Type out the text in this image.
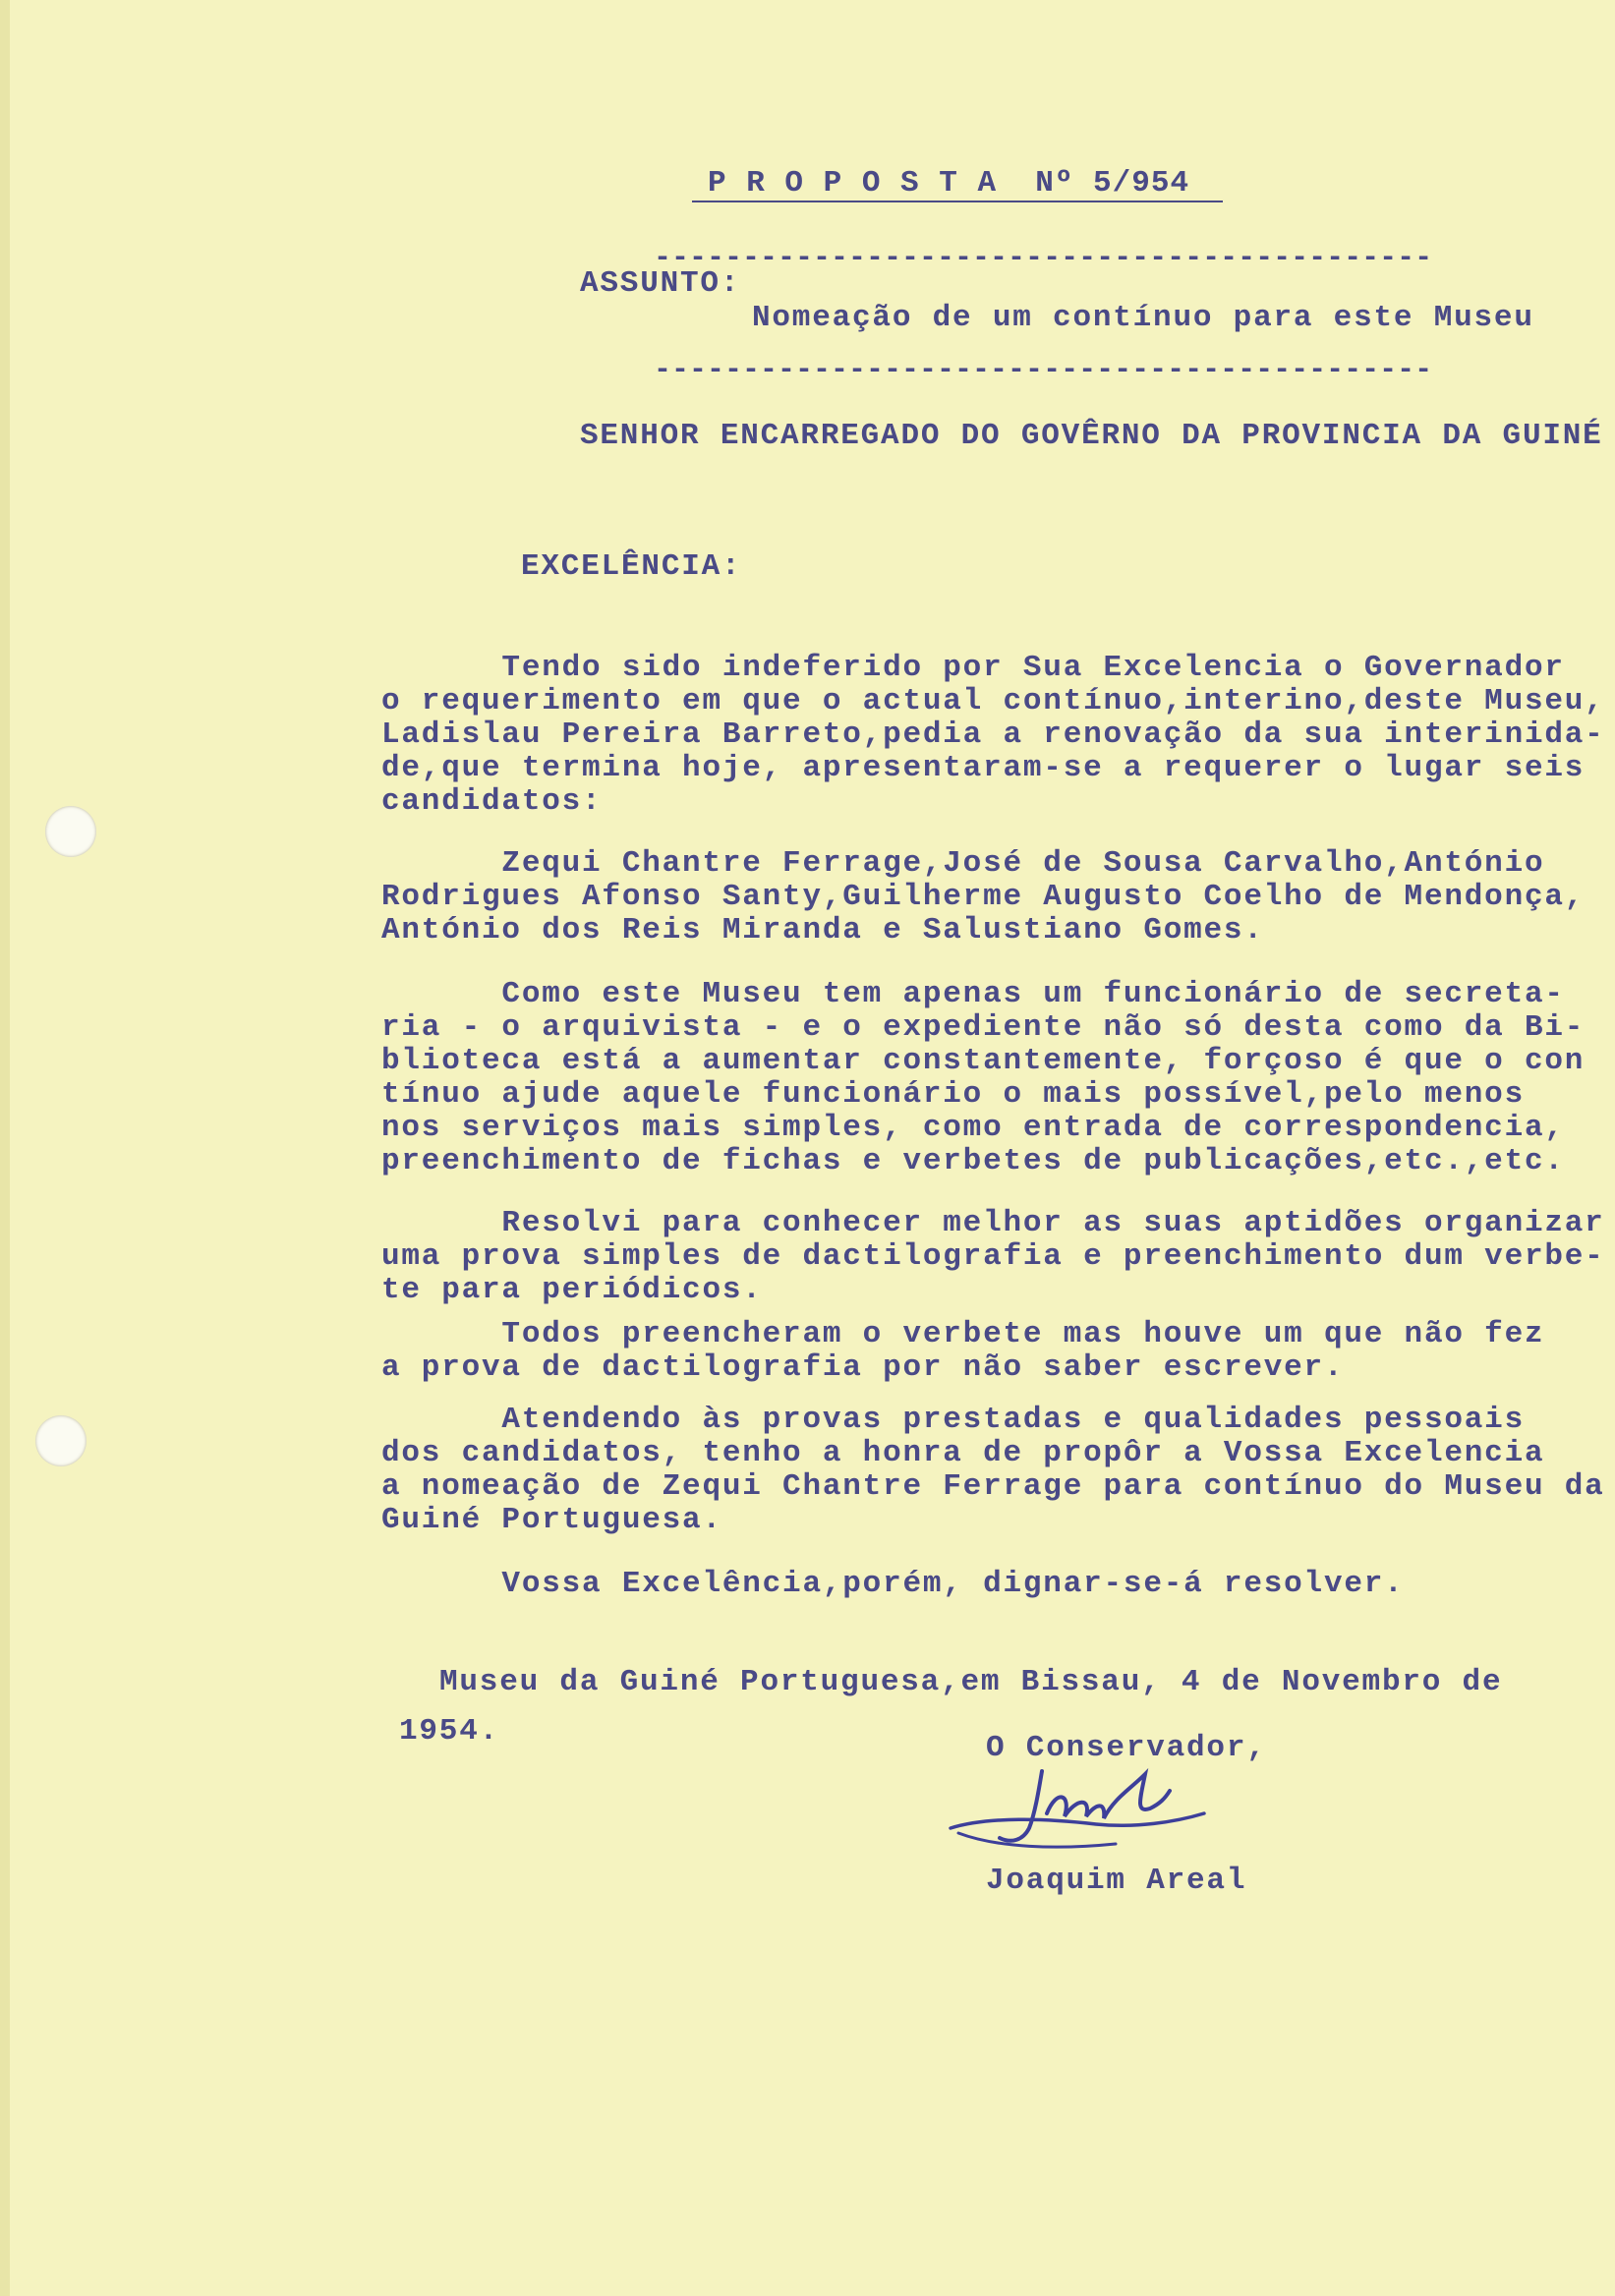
P R O P O S T A  Nº 5/954
--------------------------------------------
ASSUNTO:
Nomeação de um contínuo para este Museu
--------------------------------------------
SENHOR ENCARREGADO DO GOVÊRNO DA PROVINCIA DA GUINÉ
EXCELÊNCIA:
Tendo sido indeferido por Sua Excelencia o Governador
o requerimento em que o actual contínuo,interino,deste Museu,
Ladislau Pereira Barreto,pedia a renovação da sua interinida-
de,que termina hoje, apresentaram-se a requerer o lugar seis
candidatos:
Zequi Chantre Ferrage,José de Sousa Carvalho,António
Rodrigues Afonso Santy,Guilherme Augusto Coelho de Mendonça,
António dos Reis Miranda e Salustiano Gomes.
Como este Museu tem apenas um funcionário de secreta-
ria - o arquivista - e o expediente não só desta como da Bi-
blioteca está a aumentar constantemente, forçoso é que o con
tínuo ajude aquele funcionário o mais possível,pelo menos
nos serviços mais simples, como entrada de correspondencia,
preenchimento de fichas e verbetes de publicações,etc.,etc.
Resolvi para conhecer melhor as suas aptidões organizar
uma prova simples de dactilografia e preenchimento dum verbe-
te para periódicos.
Todos preencheram o verbete mas houve um que não fez
a prova de dactilografia por não saber escrever.
Atendendo às provas prestadas e qualidades pessoais
dos candidatos, tenho a honra de propôr a Vossa Excelencia
a nomeação de Zequi Chantre Ferrage para contínuo do Museu da
Guiné Portuguesa.
Vossa Excelência,porém, dignar-se-á resolver.
Museu da Guiné Portuguesa,em Bissau, 4 de Novembro de
1954.	O Conservador,
Joaquim Areal
